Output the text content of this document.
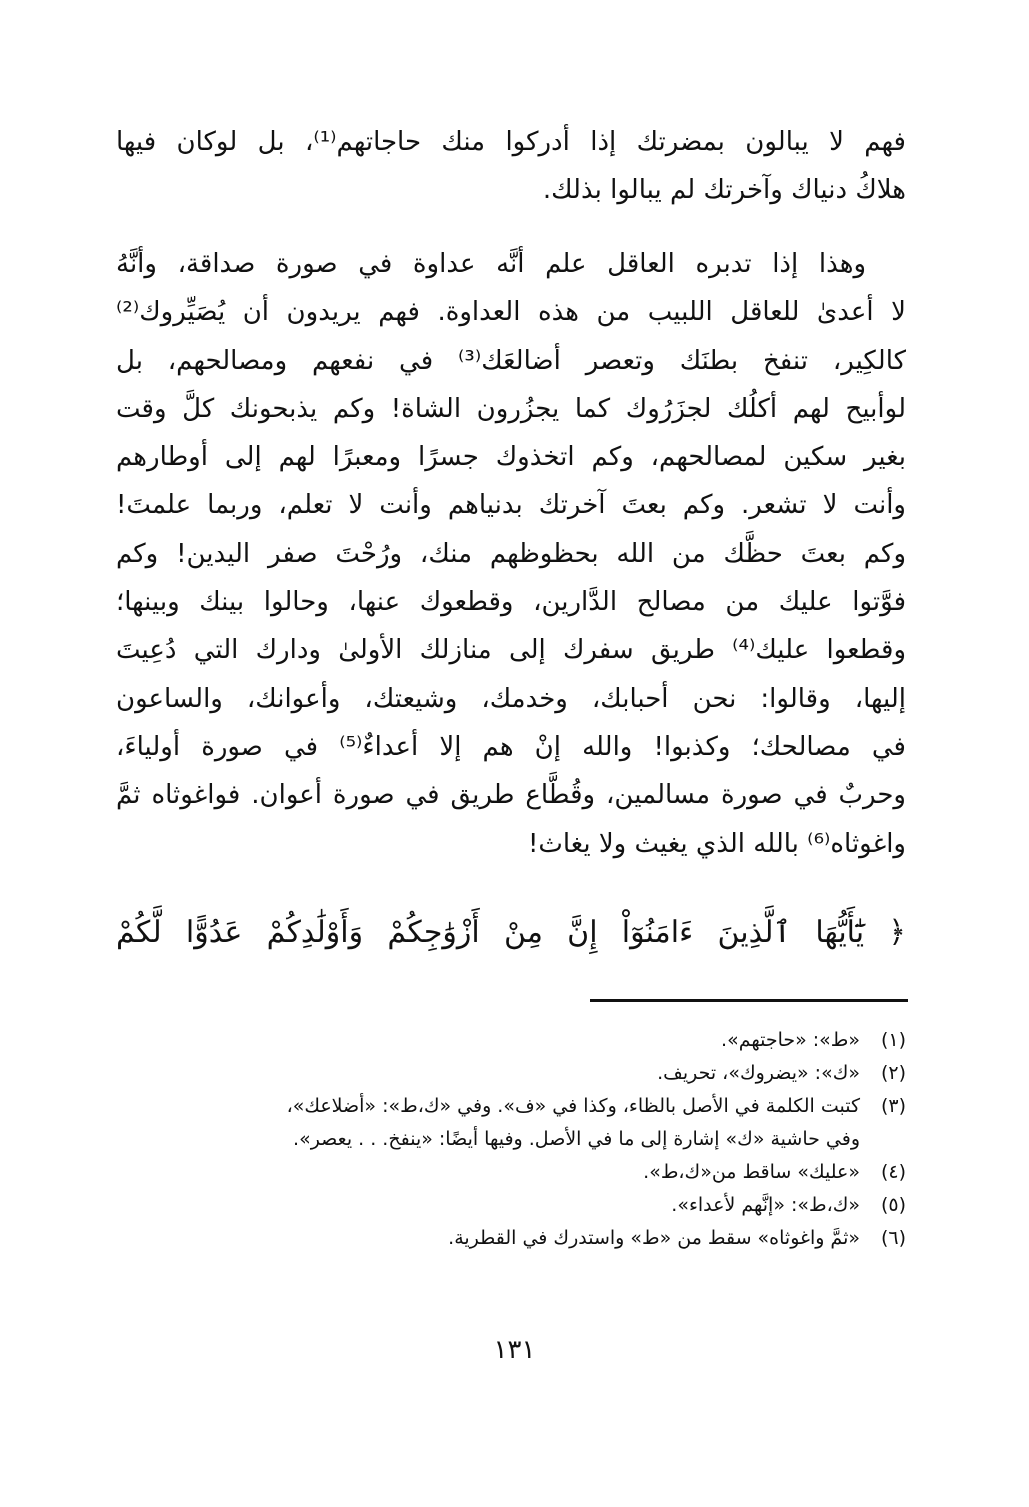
فهم لا يبالون بمضرتك إذا أدركوا منك حاجاتهم⁽¹⁾، بل لوكان فيها
هلاكُ دنياك وآخرتك لم يبالوا بذلك.
وهذا إذا تدبره العاقل علم أنَّه عداوة في صورة صداقة، وأنَّهُ
لا أعدىٰ للعاقل اللبيب من هذه العداوة. فهم يريدون أن يُصَيِّروك⁽²⁾
كالكِير، تنفخ بطنَك وتعصر أضالعَك⁽³⁾ في نفعهم ومصالحهم، بل
لوأبيح لهم أكلُك لجزَرُوك كما يجزُرون الشاة! وكم يذبحونك كلَّ وقت
بغير سكين لمصالحهم، وكم اتخذوك جسرًا ومعبرًا لهم إلى أوطارهم
وأنت لا تشعر. وكم بعتَ آخرتك بدنياهم وأنت لا تعلم، وربما علمتَ!
وكم بعتَ حظَّك من الله بحظوظهم منك، ورُحْتَ صفر اليدين! وكم
فوَّتوا عليك من مصالح الدَّارين، وقطعوك عنها، وحالوا بينك وبينها؛
وقطعوا عليك⁽⁴⁾ طريق سفرك إلى منازلك الأولىٰ ودارك التي دُعِيتَ
إليها، وقالوا: نحن أحبابك، وخدمك، وشيعتك، وأعوانك، والساعون
في مصالحك؛ وكذبوا! والله إنْ هم إلا أعداءٌ⁽⁵⁾ في صورة أولياءَ،
وحربٌ في صورة مسالمين، وقُطَّاع طريق في صورة أعوان. فواغوثاه ثمَّ
واغوثاه⁽⁶⁾ بالله الذي يغيث ولا يغاث!
﴿ يَٰٓأَيُّهَا ٱلَّذِينَ ءَامَنُوٓاْ إِنَّ مِنْ أَزْوَٰجِكُمْ وَأَوْلَٰدِكُمْ عَدُوًّا لَّكُمْ
(١)«ط»: «حاجتهم».
(٢)«ك»: «يضروك»، تحريف.
(٣)كتبت الكلمة في الأصل بالظاء، وكذا في «ف». وفي «ك،ط»: «أضلاعك»،
وفي حاشية «ك» إشارة إلى ما في الأصل. وفيها أيضًا: «ينفخ. . . يعصر».
(٤)«عليك» ساقط من«ك،ط».
(٥)«ك،ط»: «إنَّهم لأعداء».
(٦)«ثمَّ واغوثاه» سقط من «ط» واستدرك في القطرية.
١٣١
